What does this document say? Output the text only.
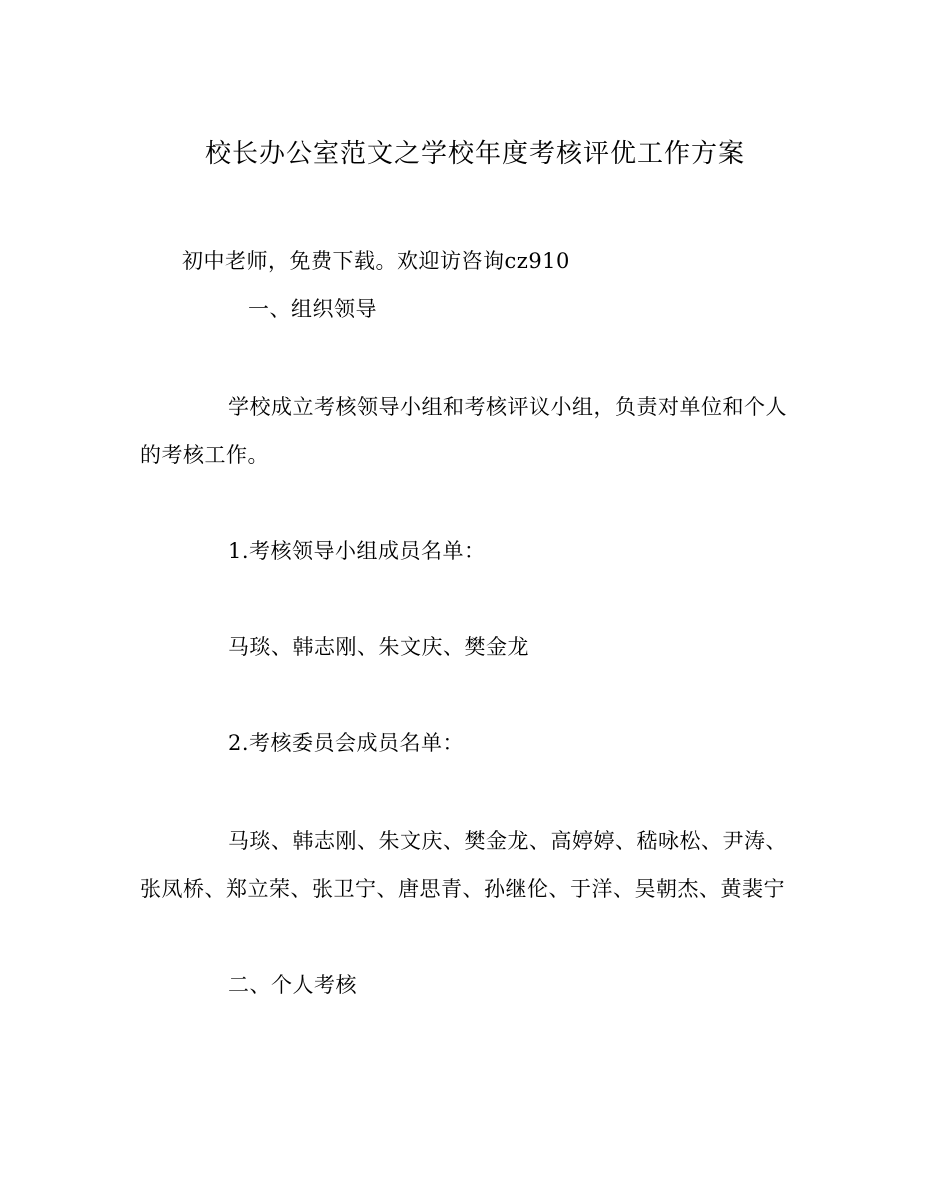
校长办公室范文之学校年度考核评优工作方案
初中老师，免费下载。欢迎访咨询cz910
一、组织领导
学校成立考核领导小组和考核评议小组，负责对单位和个人
的考核工作。
1.考核领导小组成员名单：
马琰、韩志刚、朱文庆、樊金龙
2.考核委员会成员名单：
马琰、韩志刚、朱文庆、樊金龙、高婷婷、嵇咏松、尹涛、
张凤桥、郑立荣、张卫宁、唐思青、孙继伦、于洋、吴朝杰、黄裴宁
二、个人考核
